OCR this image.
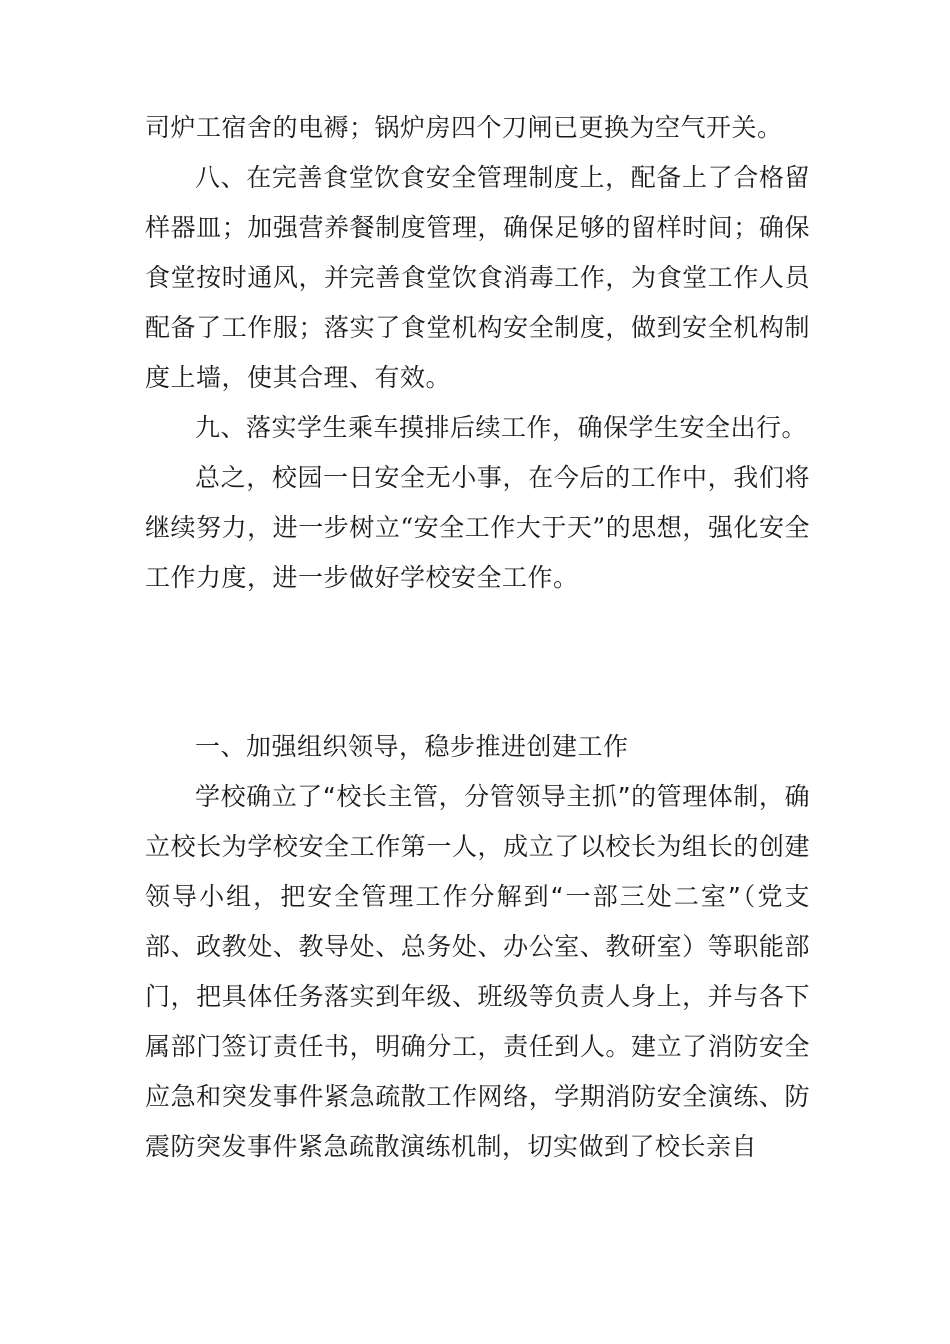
司炉工宿舍的电褥；锅炉房四个刀闸已更换为空气开关。

八、在完善食堂饮食安全管理制度上，配备上了合格留样器皿；加强营养餐制度管理，确保足够的留样时间；确保食堂按时通风，并完善食堂饮食消毒工作，为食堂工作人员配备了工作服；落实了食堂机构安全制度，做到安全机构制度上墙，使其合理、有效。

九、落实学生乘车摸排后续工作，确保学生安全出行。

总之，校园一日安全无小事，在今后的工作中，我们将继续努力，进一步树立“安全工作大于天”的思想，强化安全工作力度，进一步做好学校安全工作。

一、加强组织领导，稳步推进创建工作

学校确立了“校长主管，分管领导主抓”的管理体制，确立校长为学校安全工作第一人，成立了以校长为组长的创建领导小组，把安全管理工作分解到“一部三处二室”（党支部、政教处、教导处、总务处、办公室、教研室）等职能部门，把具体任务落实到年级、班级等负责人身上，并与各下属部门签订责任书，明确分工，责任到人。建立了消防安全应急和突发事件紧急疏散工作网络，学期消防安全演练、防震防突发事件紧急疏散演练机制，切实做到了校长亲自
